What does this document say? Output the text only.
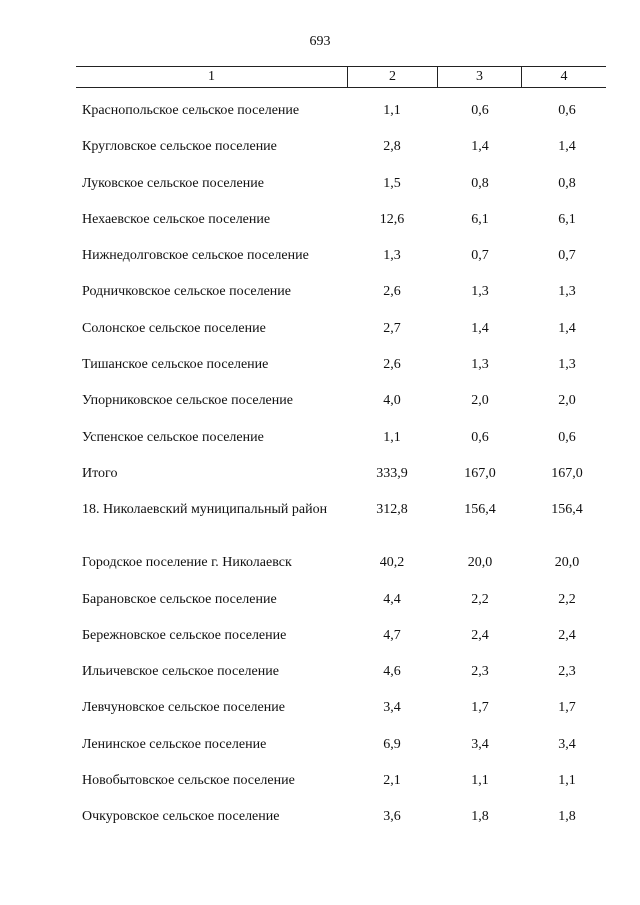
693
1	2	3	4
Краснопольское сельское поселение	1,1	0,6	0,6
Кругловское сельское поселение	2,8	1,4	1,4
Луковское сельское поселение	1,5	0,8	0,8
Нехаевское сельское поселение	12,6	6,1	6,1
Нижнедолговское сельское поселение	1,3	0,7	0,7
Родничковское сельское поселение	2,6	1,3	1,3
Солонское сельское поселение	2,7	1,4	1,4
Тишанское сельское поселение	2,6	1,3	1,3
Упорниковское сельское поселение	4,0	2,0	2,0
Успенское сельское поселение	1,1	0,6	0,6
Итого	333,9	167,0	167,0
18. Николаевский муниципальный район	312,8	156,4	156,4
Городское поселение г. Николаевск	40,2	20,0	20,0
Барановское сельское поселение	4,4	2,2	2,2
Бережновское сельское поселение	4,7	2,4	2,4
Ильичевское сельское поселение	4,6	2,3	2,3
Левчуновское сельское поселение	3,4	1,7	1,7
Ленинское сельское поселение	6,9	3,4	3,4
Новобытовское сельское поселение	2,1	1,1	1,1
Очкуровское сельское поселение	3,6	1,8	1,8
